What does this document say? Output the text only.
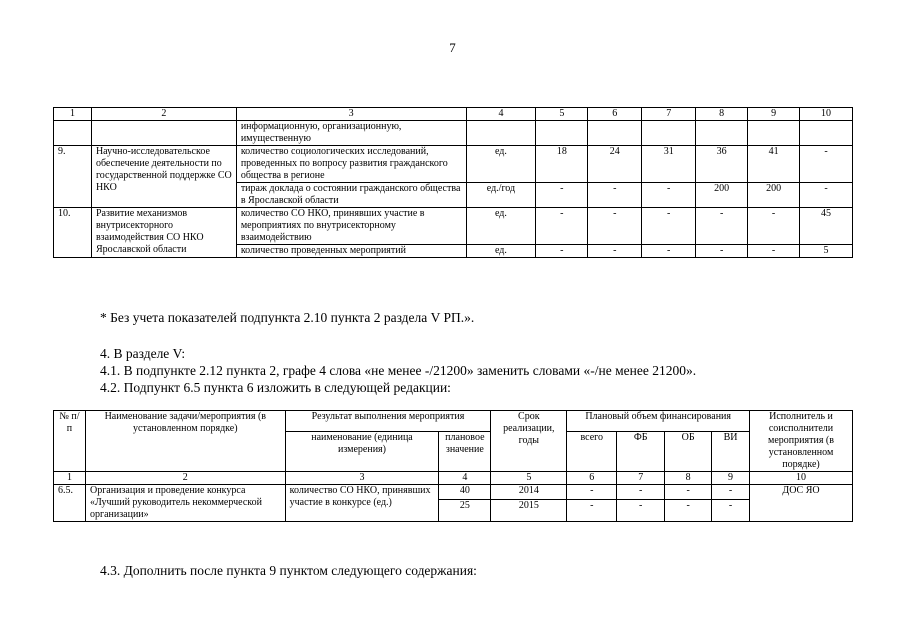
7
1	2	3	4	5	6	7	8	9	10
		информационную, организационную, имущественную							
9.	Научно-исследовательское обеспечение деятельности по государственной поддержке СО НКО	количество социологических исследований, проведенных по вопросу развития гражданского общества в регионе	ед.	18	24	31	36	41	-
		тираж доклада о состоянии гражданского общества в Ярославской области	ед./год	-	-	-	200	200	-
10.	Развитие механизмов внутрисекторного взаимодействия СО НКО Ярославской области	количество СО НКО, принявших участие в мероприятиях по внутрисекторному взаимодействию	ед.	-	-	-	-	-	45
		количество проведенных мероприятий	ед.	-	-	-	-	-	5
* Без учета показателей подпункта 2.10 пункта 2 раздела V РП.».
4. В разделе V:
4.1. В подпункте 2.12 пункта 2, графе 4 слова «не менее -/21200» заменить словами «-/не менее 21200».
4.2. Подпункт 6.5 пункта 6 изложить в следующей редакции:
№ п/п	Наименование задачи/мероприятия (в установленном порядке)	Результат выполнения мероприятия		Срок реализации, годы	Плановый объем финансирования				Исполнитель и соисполнители мероприятия (в установленном порядке)
		наименование (единица измерения)	плановое значение		всего	ФБ	ОБ	ВИ	
1	2	3	4	5	6	7	8	9	10
6.5.	Организация и проведение конкурса «Лучший руководитель некоммерческой организации»	количество СО НКО, принявших участие в конкурсе (ед.)	40	2014	-	-	-	-	ДОС ЯО
			25	2015	-	-	-	-	
4.3. Дополнить после пункта 9 пунктом следующего содержания:
